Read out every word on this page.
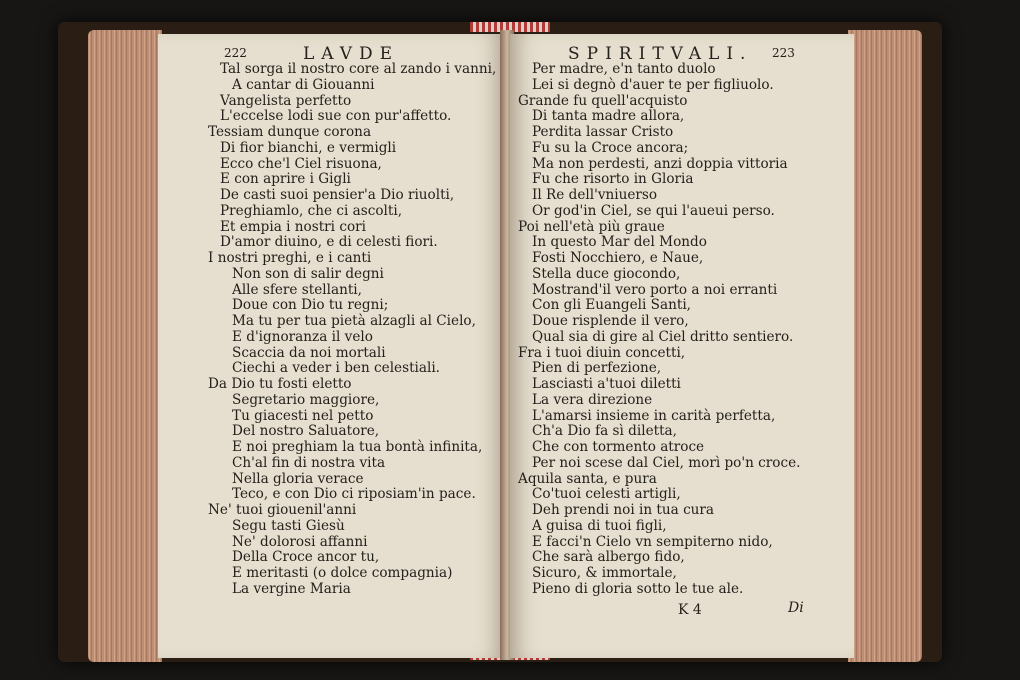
222	LAVDE
Tal sorga il nostro core al zando i vanni,
A cantar di Giouanni
Vangelista perfetto
L'eccelse lodi sue con pur'affetto.
Tessiam dunque corona
Di fior bianchi, e vermigli
Ecco che'l Ciel risuona,
E con aprire i Gigli
De casti suoi pensier'a Dio riuolti,
Preghiamlo, che ci ascolti,
Et empia i nostri cori
D'amor diuino, e di celesti fiori.
I nostri preghi, e i canti
Non son di salir degni
Alle sfere stellanti,
Doue con Dio tu regni;
Ma tu per tua pietà alzagli al Cielo,
E d'ignoranza il velo
Scaccia da noi mortali
Ciechi a veder i ben celestiali.
Da Dio tu fosti eletto
Segretario maggiore,
Tu giacesti nel petto
Del nostro Saluatore,
E noi preghiam la tua bontà infinita,
Ch'al fin di nostra vita
Nella gloria verace
Teco, e con Dio ci riposiam'in pace.
Ne' tuoi giouenil'anni
Segu tasti Giesù
Ne' dolorosi affanni
Della Croce ancor tu,
E meritasti (o dolce compagnia)
La vergine Maria
SPIRITVALI. 223
Per madre, e'n tanto duolo
Lei si degnò d'auer te per figliuolo.
Grande fu quell'acquisto
Di tanta madre allora,
Perdita lassar Cristo
Fu su la Croce ancora;
Ma non perdesti, anzi doppia vittoria
Fu che risorto in Gloria
Il Re dell'vniuerso
Or god'in Ciel, se qui l'aueui perso.
Poi nell'età più graue
In questo Mar del Mondo
Fosti Nocchiero, e Naue,
Stella duce giocondo,
Mostrand'il vero porto a noi erranti
Con gli Euangeli Santi,
Doue risplende il vero,
Qual sia di gire al Ciel dritto sentiero.
Fra i tuoi diuin concetti,
Pien di perfezione,
Lasciasti a'tuoi diletti
La vera direzione
L'amarsi insieme in carità perfetta,
Ch'a Dio fa sì diletta,
Che con tormento atroce
Per noi scese dal Ciel, morì po'n croce.
Aquila santa, e pura
Co'tuoi celesti artigli,
Deh prendi noi in tua cura
A guisa di tuoi figli,
E facci'n Cielo vn sempiterno nido,
Che sarà albergo fido,
Sicuro, & immortale,
Pieno di gloria sotto le tue ale.
K 4	Di
